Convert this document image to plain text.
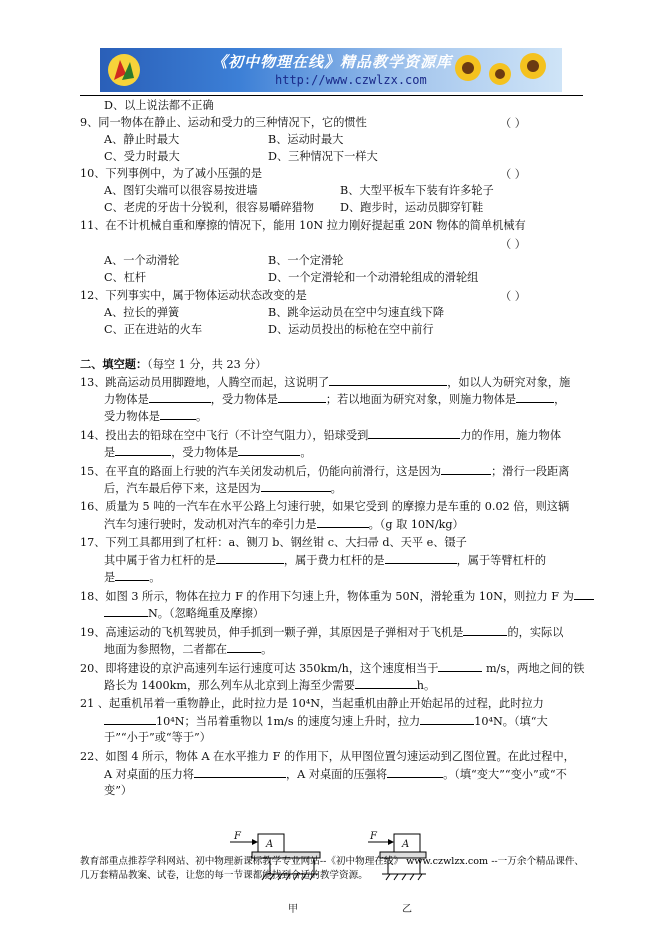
《初中物理在线》精品教学资源库
http://www.czwlzx.com
D、以上说法都不正确
9、同一物体在静止、运动和受力的三种情况下，它的惯性	（ ）
A、静止时最大	B、运动时最大
C、受力时最大	D、三种情况下一样大
10、下列事例中，为了减小压强的是	（ ）
A、图钉尖端可以很容易按进墙	B、大型平板车下装有许多轮子
C、老虎的牙齿十分锐利，很容易嚼碎猎物 D、跑步时，运动员脚穿钉鞋
11、在不计机械自重和摩擦的情况下，能用 10N 拉力刚好提起重 20N 物体的简单机械有
（ ）
A、一个动滑轮	B、一个定滑轮
C、杠杆	D、一个定滑轮和一个动滑轮组成的滑轮组
12、下列事实中，属于物体运动状态改变的是	（ ）
A、拉长的弹簧	B、跳伞运动员在空中匀速直线下降
C、正在进站的火车	D、运动员投出的标枪在空中前行
二、填空题：（每空 1 分，共 23 分）
13、跳高运动员用脚蹬地，人腾空而起，这说明了	，如以人为研究对象，施
力物体是	，受力物体是	；若以地面为研究对象，则施力物体是	，
受力物体是	。
14、投出去的铅球在空中飞行（不计空气阻力），铅球受到	力的作用，施力物体
是	，受力物体是	。
15、在平直的路面上行驶的汽车关闭发动机后，仍能向前滑行，这是因为	；滑行一段距离
后，汽车最后停下来，这是因为	。
16、质量为 5 吨的一汽车在水平公路上匀速行驶，如果它受到 的摩擦力是车重的 0.02 倍，则这辆
汽车匀速行驶时，发动机对汽车的牵引力是	。（g 取 10N/kg）
17、下列工具都用到了杠杆：a、铡刀 b、钢丝钳 c、大扫帚 d、天平 e、镊子
其中属于省力杠杆的是	，属于费力杠杆的是	，属于等臂杠杆的
是	。
18、如图 3 所示，物体在拉力 F 的作用下匀速上升，物体重为 50N，滑轮重为 10N，则拉力 F 为
N。（忽略绳重及摩擦）
19、高速运动的飞机驾驶员，伸手抓到一颗子弹，其原因是子弹相对于飞机是	的，实际以
地面为参照物，二者都在	。
20、即将建设的京沪高速列车运行速度可达 350km/h，这个速度相当于	m/s，两地之间的铁
路长为 1400km，那么列车从北京到上海至少需要	h。
21 、起重机吊着一重物静止，此时拉力是 10⁴N，当起重机由静止开始起吊的过程，此时拉力
10⁴N；当吊着重物以 1m/s 的速度匀速上升时，拉力	10⁴N。（填“大
于”“小于”或“等于”）
22、如图 4 所示，物体 A 在水平推力 F 的作用下，从甲图位置匀速运动到乙图位置。在此过程中，
A 对桌面的压力将	，A 对桌面的压强将	。（填“变大”“变小”或“不
变”）
F
A
F
A
甲	乙
教育部重点推荐学科网站、初中物理新课标教学专业网站--《初中物理在线》 www.czwlzx.com --一万余个精品课件、几万套精品教案、试卷，让您的每一节课都能找到合适的教学资源。
